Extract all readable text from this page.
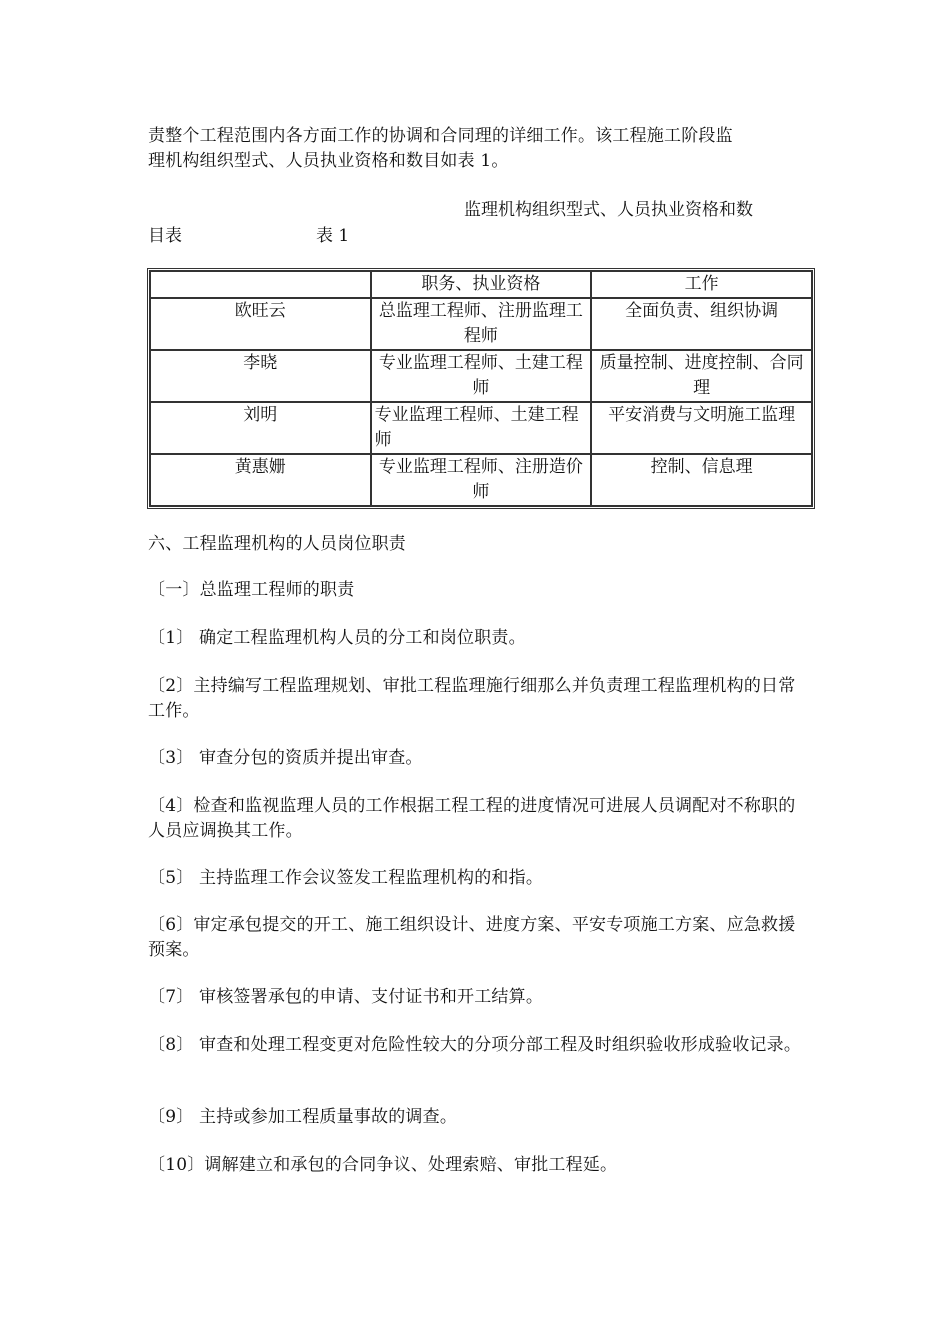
责整个工程范围内各方面工作的协调和合同理的详细工作。该工程施工阶段监
理机构组织型式、人员执业资格和数目如表 1。

监理机构组织型式、人员执业资格和数
目表	表 1
	职务、执业资格	工作
欧旺云	总监理工程师、注册监理工程师	全面负责、组织协调
李晓	专业监理工程师、土建工程师	质量控制、进度控制、合同理
刘明	专业监理工程师、土建工程师	平安消费与文明施工监理
黄惠姗	专业监理工程师、注册造价师	控制、信息理

六、工程监理机构的人员岗位职责

〔一〕总监理工程师的职责

〔1〕 确定工程监理机构人员的分工和岗位职责。

〔2〕主持编写工程监理规划、审批工程监理施行细那么并负责理工程监理机构的日常工作。

〔3〕 审查分包的资质并提出审查。

〔4〕检查和监视监理人员的工作根据工程工程的进度情况可进展人员调配对不称职的人员应调换其工作。

〔5〕 主持监理工作会议签发工程监理机构的和指。

〔6〕审定承包提交的开工、施工组织设计、进度方案、平安专项施工方案、应急救援预案。

〔7〕 审核签署承包的申请、支付证书和开工结算。

〔8〕 审查和处理工程变更对危险性较大的分项分部工程及时组织验收形成验收记录。

〔9〕 主持或参加工程质量事故的调查。

〔10〕调解建立和承包的合同争议、处理索赔、审批工程延。
